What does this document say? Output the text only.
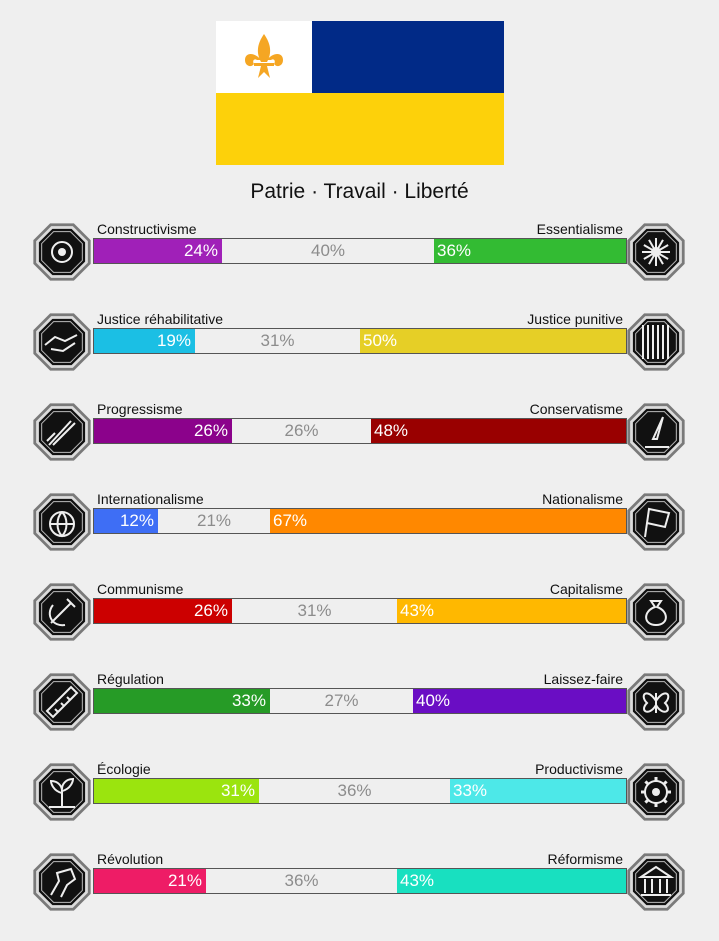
Patrie · Travail · Liberté
24%	40%	36%
Constructivisme	Essentialisme
19%	31%	50%
Justice réhabilitative	Justice punitive
26%	26%	48%
Progressisme	Conservatisme
12%	21%	67%
Internationalisme	Nationalisme
26%	31%	43%
Communisme	Capitalisme
33%	27%	40%
Régulation	Laissez-faire
31%	36%	33%
Écologie	Productivisme
21%	36%	43%
Révolution	Réformisme
